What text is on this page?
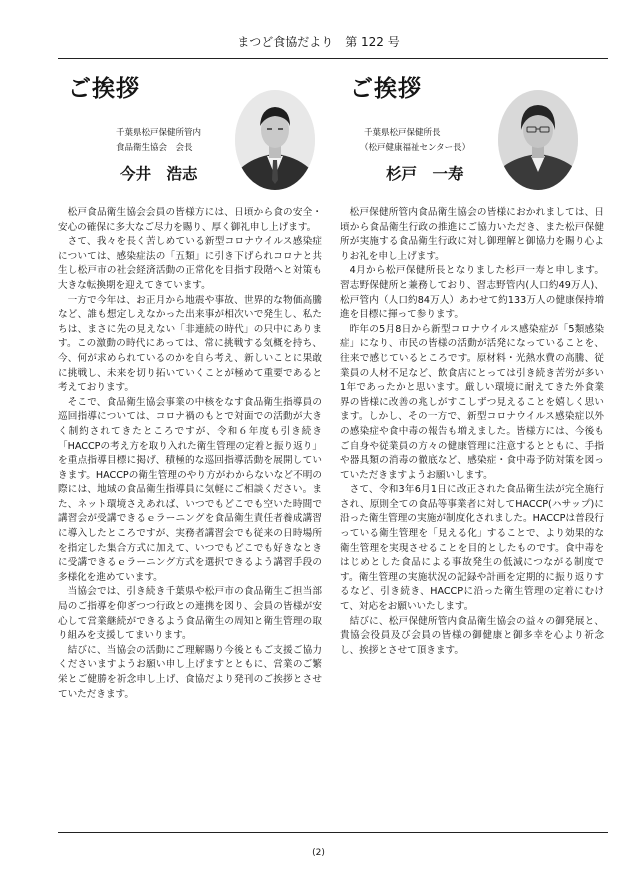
まつど食協だより　第 122 号
ご挨拶
千葉県松戸保健所管内
食品衛生協会　会長
今井　浩志

松戸食品衛生協会会員の皆様方には、日頃から食の安全・安心の確保に多大なご尽力を賜り、厚く御礼申し上げます。

さて、我々を長く苦しめている新型コロナウイルス感染症については、感染症法の「五類」に引き下げられコロナと共生し松戸市の社会経済活動の正常化を目指す段階へと対策も大きな転換期を迎えてきています。

一方で今年は、お正月から地震や事故、世界的な物価高騰など、誰も想定しえなかった出来事が相次いで発生し、私たちは、まさに先の見えない「非連続の時代」の只中にあります。この激動の時代にあっては、常に挑戦する気概を持ち、今、何が求められているのかを自ら考え、新しいことに果敢に挑戦し、未来を切り拓いていくことが極めて重要であると考えております。

そこで、食品衛生協会事業の中核をなす食品衛生指導員の巡回指導については、コロナ禍のもとで対面での活動が大きく制約されてきたところですが、令和６年度も引き続き「HACCPの考え方を取り入れた衛生管理の定着と振り返り」を重点指導目標に掲げ、積極的な巡回指導活動を展開していきます。HACCPの衛生管理のやり方がわからないなど不明の際には、地域の食品衛生指導員に気軽にご相談ください。また、ネット環境さえあれば、いつでもどこでも空いた時間で講習会が受講できるｅラーニングを食品衛生責任者養成講習に導入したところですが、実務者講習会でも従来の日時場所を指定した集合方式に加えて、いつでもどこでも好きなときに受講できるｅラーニング方式を選択できるよう講習手段の多様化を進めています。

当協会では、引き続き千葉県や松戸市の食品衛生ご担当部局のご指導を仰ぎつつ行政との連携を図り、会員の皆様が安心して営業継続ができるよう食品衛生の周知と衛生管理の取り組みを支援してまいります。

結びに、当協会の活動にご理解賜り今後ともご支援ご協力くださいますようお願い申し上げますとともに、営業のご繁栄とご健勝を祈念申し上げ、食協だより発刊のご挨拶とさせていただきます。

ご挨拶
千葉県松戸保健所長
（松戸健康福祉センター長）
杉戸　一寿

松戸保健所管内食品衛生協会の皆様におかれましては、日頃から食品衛生行政の推進にご協力いただき、また松戸保健所が実施する食品衛生行政に対し御理解と御協力を賜り心よりお礼を申し上げます。

4月から松戸保健所長となりました杉戸一寿と申します。習志野保健所と兼務しており、習志野管内(人口約49万人)、松戸管内（人口約84万人）あわせて約133万人の健康保持増進を目標に揮って参ります。

昨年の5月8日から新型コロナウイルス感染症が「5類感染症」になり、市民の皆様の活動が活発になっていることを、往来で感じているところです。原材料・光熱水費の高騰、従業員の人材不足など、飲食店にとっては引き続き苦労が多い1年であったかと思います。厳しい環境に耐えてきた外食業界の皆様に改善の兆しがすこしずつ見えることを嬉しく思います。しかし、その一方で、新型コロナウイルス感染症以外の感染症や食中毒の報告も増えました。皆様方には、今後もご自身や従業員の方々の健康管理に注意するとともに、手指や器具類の消毒の徹底など、感染症・食中毒予防対策を図っていただきますようお願いします。

さて、令和3年6月1日に改正された食品衛生法が完全施行され、原則全ての食品等事業者に対してHACCP(ハサップ)に沿った衛生管理の実施が制度化されました。HACCPは普段行っている衛生管理を「見える化」することで、より効果的な衛生管理を実現させることを目的としたものです。食中毒をはじめとした食品による事故発生の低減につながる制度です。衛生管理の実施状況の記録や計画を定期的に振り返りするなど、引き続き、HACCPに沿った衛生管理の定着にむけて、対応をお願いいたします。

結びに、松戸保健所管内食品衛生協会の益々の御発展と、貴協会役員及び会員の皆様の御健康と御多幸を心より祈念し、挨拶とさせて頂きます。

(2)
